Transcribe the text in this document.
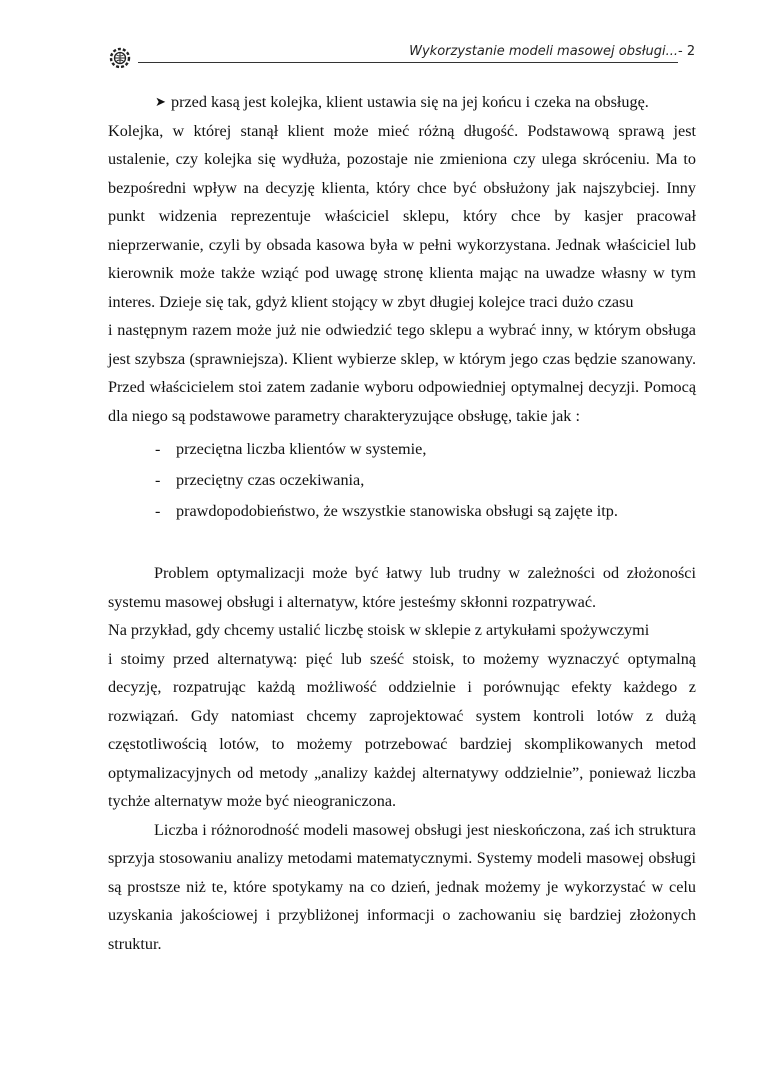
Wykorzystanie modeli masowej obsługi... - 2

➤ przed kasą jest kolejka, klient ustawia się na jej końcu i czeka na obsługę.

Kolejka, w której stanął klient może mieć różną długość. Podstawową sprawą jest ustalenie, czy kolejka się wydłuża, pozostaje nie zmieniona czy ulega skróceniu. Ma to bezpośredni wpływ na decyzję klienta, który chce być obsłużony jak najszybciej. Inny punkt widzenia reprezentuje właściciel sklepu, który chce by kasjer pracował nieprzerwanie, czyli by obsada kasowa była w pełni wykorzystana. Jednak właściciel lub kierownik może także wziąć pod uwagę stronę klienta mając na uwadze własny w tym interes. Dzieje się tak, gdyż klient stojący w zbyt długiej kolejce traci dużo czasu

i następnym razem może już nie odwiedzić tego sklepu a wybrać inny, w którym obsługa jest szybsza (sprawniejsza). Klient wybierze sklep, w którym jego czas będzie szanowany. Przed właścicielem stoi zatem zadanie wyboru odpowiedniej optymalnej decyzji. Pomocą dla niego są podstawowe parametry charakteryzujące obsługę, takie jak :

- przeciętna liczba klientów w systemie,
- przeciętny czas oczekiwania,
- prawdopodobieństwo, że wszystkie stanowiska obsługi są zajęte itp.

Problem optymalizacji może być łatwy lub trudny w zależności od złożoności systemu masowej obsługi i alternatyw, które jesteśmy skłonni rozpatrywać.

Na przykład, gdy chcemy ustalić liczbę stoisk w sklepie z artykułami spożywczymi

i stoimy przed alternatywą: pięć lub sześć stoisk, to możemy wyznaczyć optymalną decyzję, rozpatrując każdą możliwość oddzielnie i porównując efekty każdego z rozwiązań. Gdy natomiast chcemy zaprojektować system kontroli lotów z dużą częstotliwością lotów, to możemy potrzebować bardziej skomplikowanych metod optymalizacyjnych od metody „analizy każdej alternatywy oddzielnie”, ponieważ liczba tychże alternatyw może być nieograniczona.

Liczba i różnorodność modeli masowej obsługi jest nieskończona, zaś ich struktura sprzyja stosowaniu analizy metodami matematycznymi. Systemy modeli masowej obsługi są prostsze niż te, które spotykamy na co dzień, jednak możemy je wykorzystać w celu uzyskania jakościowej i przybliżonej informacji o zachowaniu się bardziej złożonych struktur.
